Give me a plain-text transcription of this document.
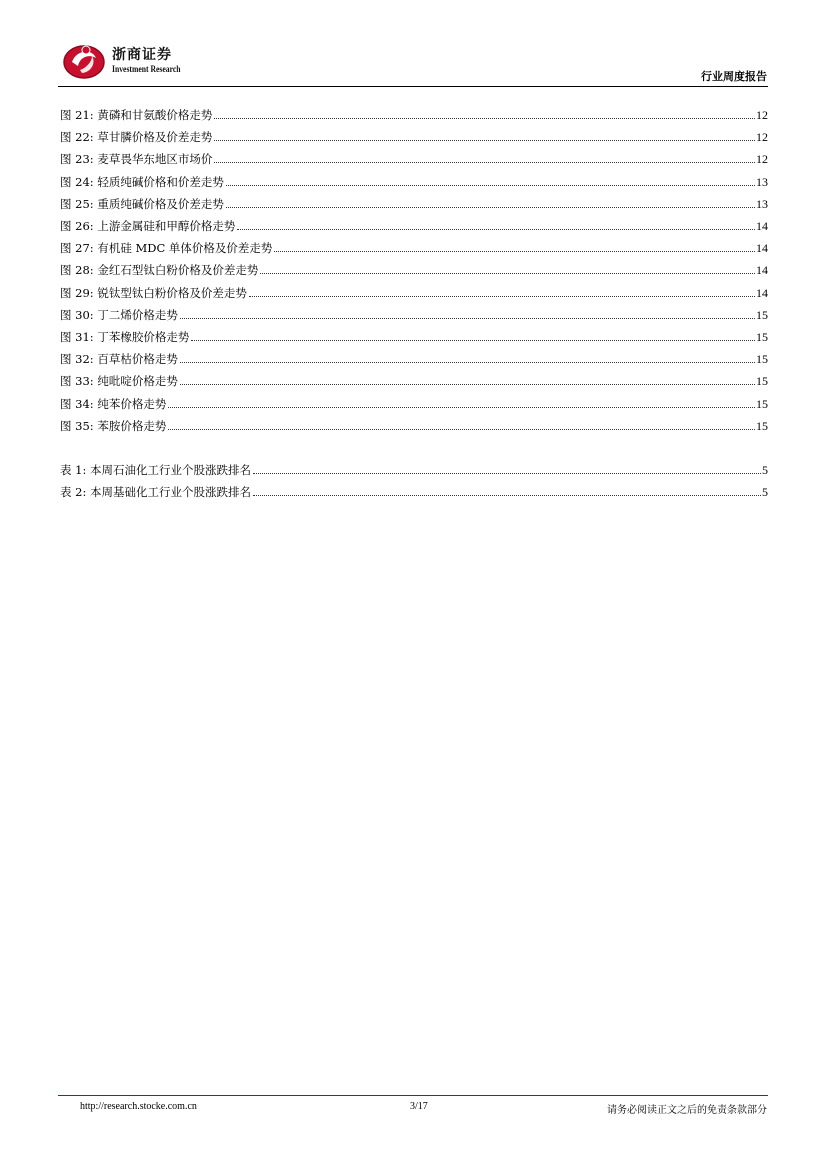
浙商证券
Investment Research
行业周度报告
图 21: 黄磷和甘氨酸价格走势	12
图 22: 草甘膦价格及价差走势	12
图 23: 麦草畏华东地区市场价	12
图 24: 轻质纯碱价格和价差走势	13
图 25: 重质纯碱价格及价差走势	13
图 26: 上游金属硅和甲醇价格走势	14
图 27: 有机硅 MDC 单体价格及价差走势	14
图 28: 金红石型钛白粉价格及价差走势	14
图 29: 锐钛型钛白粉价格及价差走势	14
图 30: 丁二烯价格走势	15
图 31: 丁苯橡胶价格走势	15
图 32: 百草枯价格走势	15
图 33: 纯吡啶价格走势	15
图 34: 纯苯价格走势	15
图 35: 苯胺价格走势	15
表 1: 本周石油化工行业个股涨跌排名	5
表 2: 本周基础化工行业个股涨跌排名	5
http://research.stocke.com.cn	3/17	请务必阅读正文之后的免责条款部分
